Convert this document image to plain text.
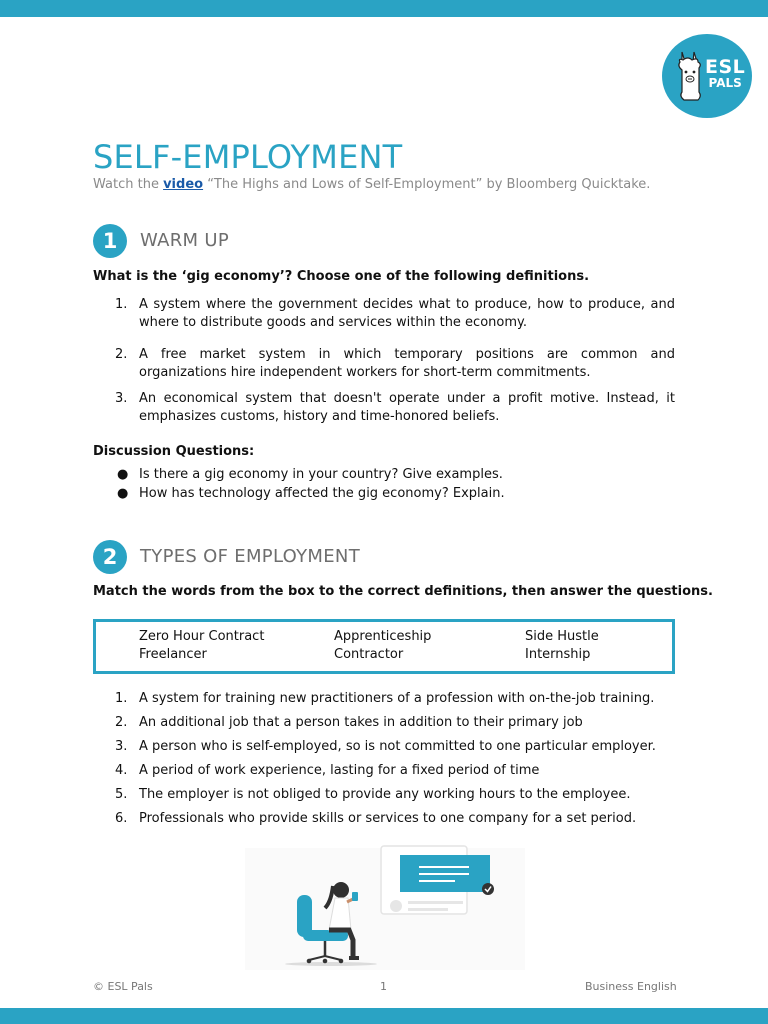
ESL
PALS
SELF-EMPLOYMENT
Watch the video “The Highs and Lows of Self-Employment” by Bloomberg Quicktake.
1	WARM UP
What is the ‘gig economy’? Choose one of the following definitions.
1. A system where the government decides what to produce, how to produce, and where to distribute goods and services within the economy.
2. A free market system in which temporary positions are common and organizations hire independent workers for short-term commitments.
3. An economical system that doesn't operate under a profit motive. Instead, it emphasizes customs, history and time-honored beliefs.
Discussion Questions:
● Is there a gig economy in your country? Give examples.
● How has technology affected the gig economy? Explain.
2	TYPES OF EMPLOYMENT
Match the words from the box to the correct definitions, then answer the questions.
Zero Hour Contract	Apprenticeship	Side Hustle
Freelancer	Contractor	Internship
1. A system for training new practitioners of a profession with on-the-job training.
2. An additional job that a person takes in addition to their primary job
3. A person who is self-employed, so is not committed to one particular employer.
4. A period of work experience, lasting for a fixed period of time
5. The employer is not obliged to provide any working hours to the employee.
6. Professionals who provide skills or services to one company for a set period.
© ESL Pals	1	Business English
